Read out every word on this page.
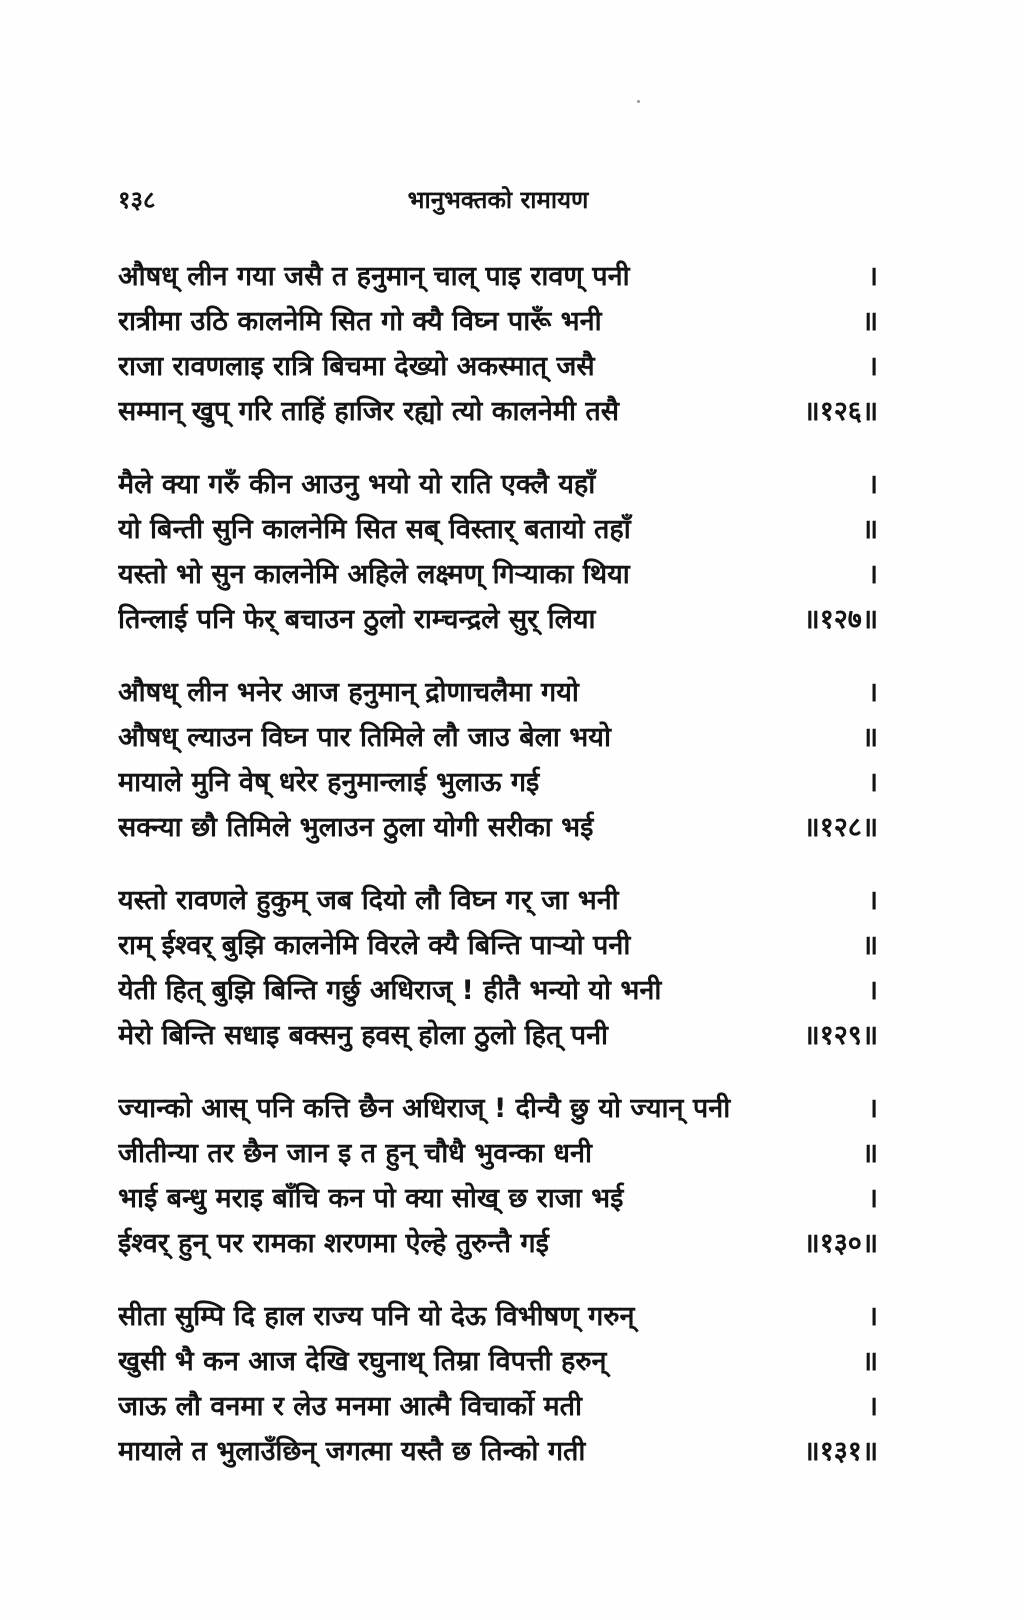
१३८	भानुभक्तको रामायण
औषध् लीन गया जसै त हनुमान् चाल् पाइ रावण् पनी	।
रात्रीमा उठि कालनेमि सित गो क्यै विघ्न पारूँ भनी	॥
राजा रावणलाइ रात्रि बिचमा देख्यो अकस्मात् जसै	।
सम्मान् खुप् गरि ताहिं हाजिर रह्यो त्यो कालनेमी तसै	॥१२६॥
मैले क्या गरुँ कीन आउनु भयो यो राति एक्लै यहाँ	।
यो बिन्ती सुनि कालनेमि सित सब् विस्तार् बतायो तहाँ	॥
यस्तो भो सुन कालनेमि अहिले लक्ष्मण् गिऱ्याका थिया	।
तिन्लाई पनि फेर् बचाउन ठुलो राम्चन्द्रले सुर् लिया	॥१२७॥
औषध् लीन भनेर आज हनुमान् द्रोणाचलैमा गयो	।
औषध् ल्याउन विघ्न पार तिमिले लौ जाउ बेला भयो	॥
मायाले मुनि वेष् धरेर हनुमान्लाई भुलाऊ गई	।
सक्न्या छौ तिमिले भुलाउन ठुला योगी सरीका भई	॥१२८॥
यस्तो रावणले हुकुम् जब दियो लौ विघ्न गर् जा भनी	।
राम् ईश्वर् बुझि कालनेमि विरले क्यै बिन्ति पाऱ्यो पनी	॥
येती हित् बुझि बिन्ति गर्छु अधिराज् ! हीतै भन्यो यो भनी	।
मेरो बिन्ति सधाइ बक्सनु हवस् होला ठुलो हित् पनी	॥१२९॥
ज्यान्को आस् पनि कत्ति छैन अधिराज् ! दीन्यै छु यो ज्यान् पनी	।
जीतीन्या तर छैन जान इ त हुन् चौधै भुवन्का धनी	॥
भाई बन्धु मराइ बाँचि कन पो क्या सोख् छ राजा भई	।
ईश्वर् हुन् पर रामका शरणमा ऐल्हे तुरुन्तै गई	॥१३०॥
सीता सुम्पि दि हाल राज्य पनि यो देऊ विभीषण् गरुन्	।
खुसी भै कन आज देखि रघुनाथ् तिम्रा विपत्ती हरुन्	॥
जाऊ लौ वनमा र लेउ मनमा आत्मै विचार्को मती	।
मायाले त भुलाउँछिन् जगत्मा यस्तै छ तिन्को गती	॥१३१॥
